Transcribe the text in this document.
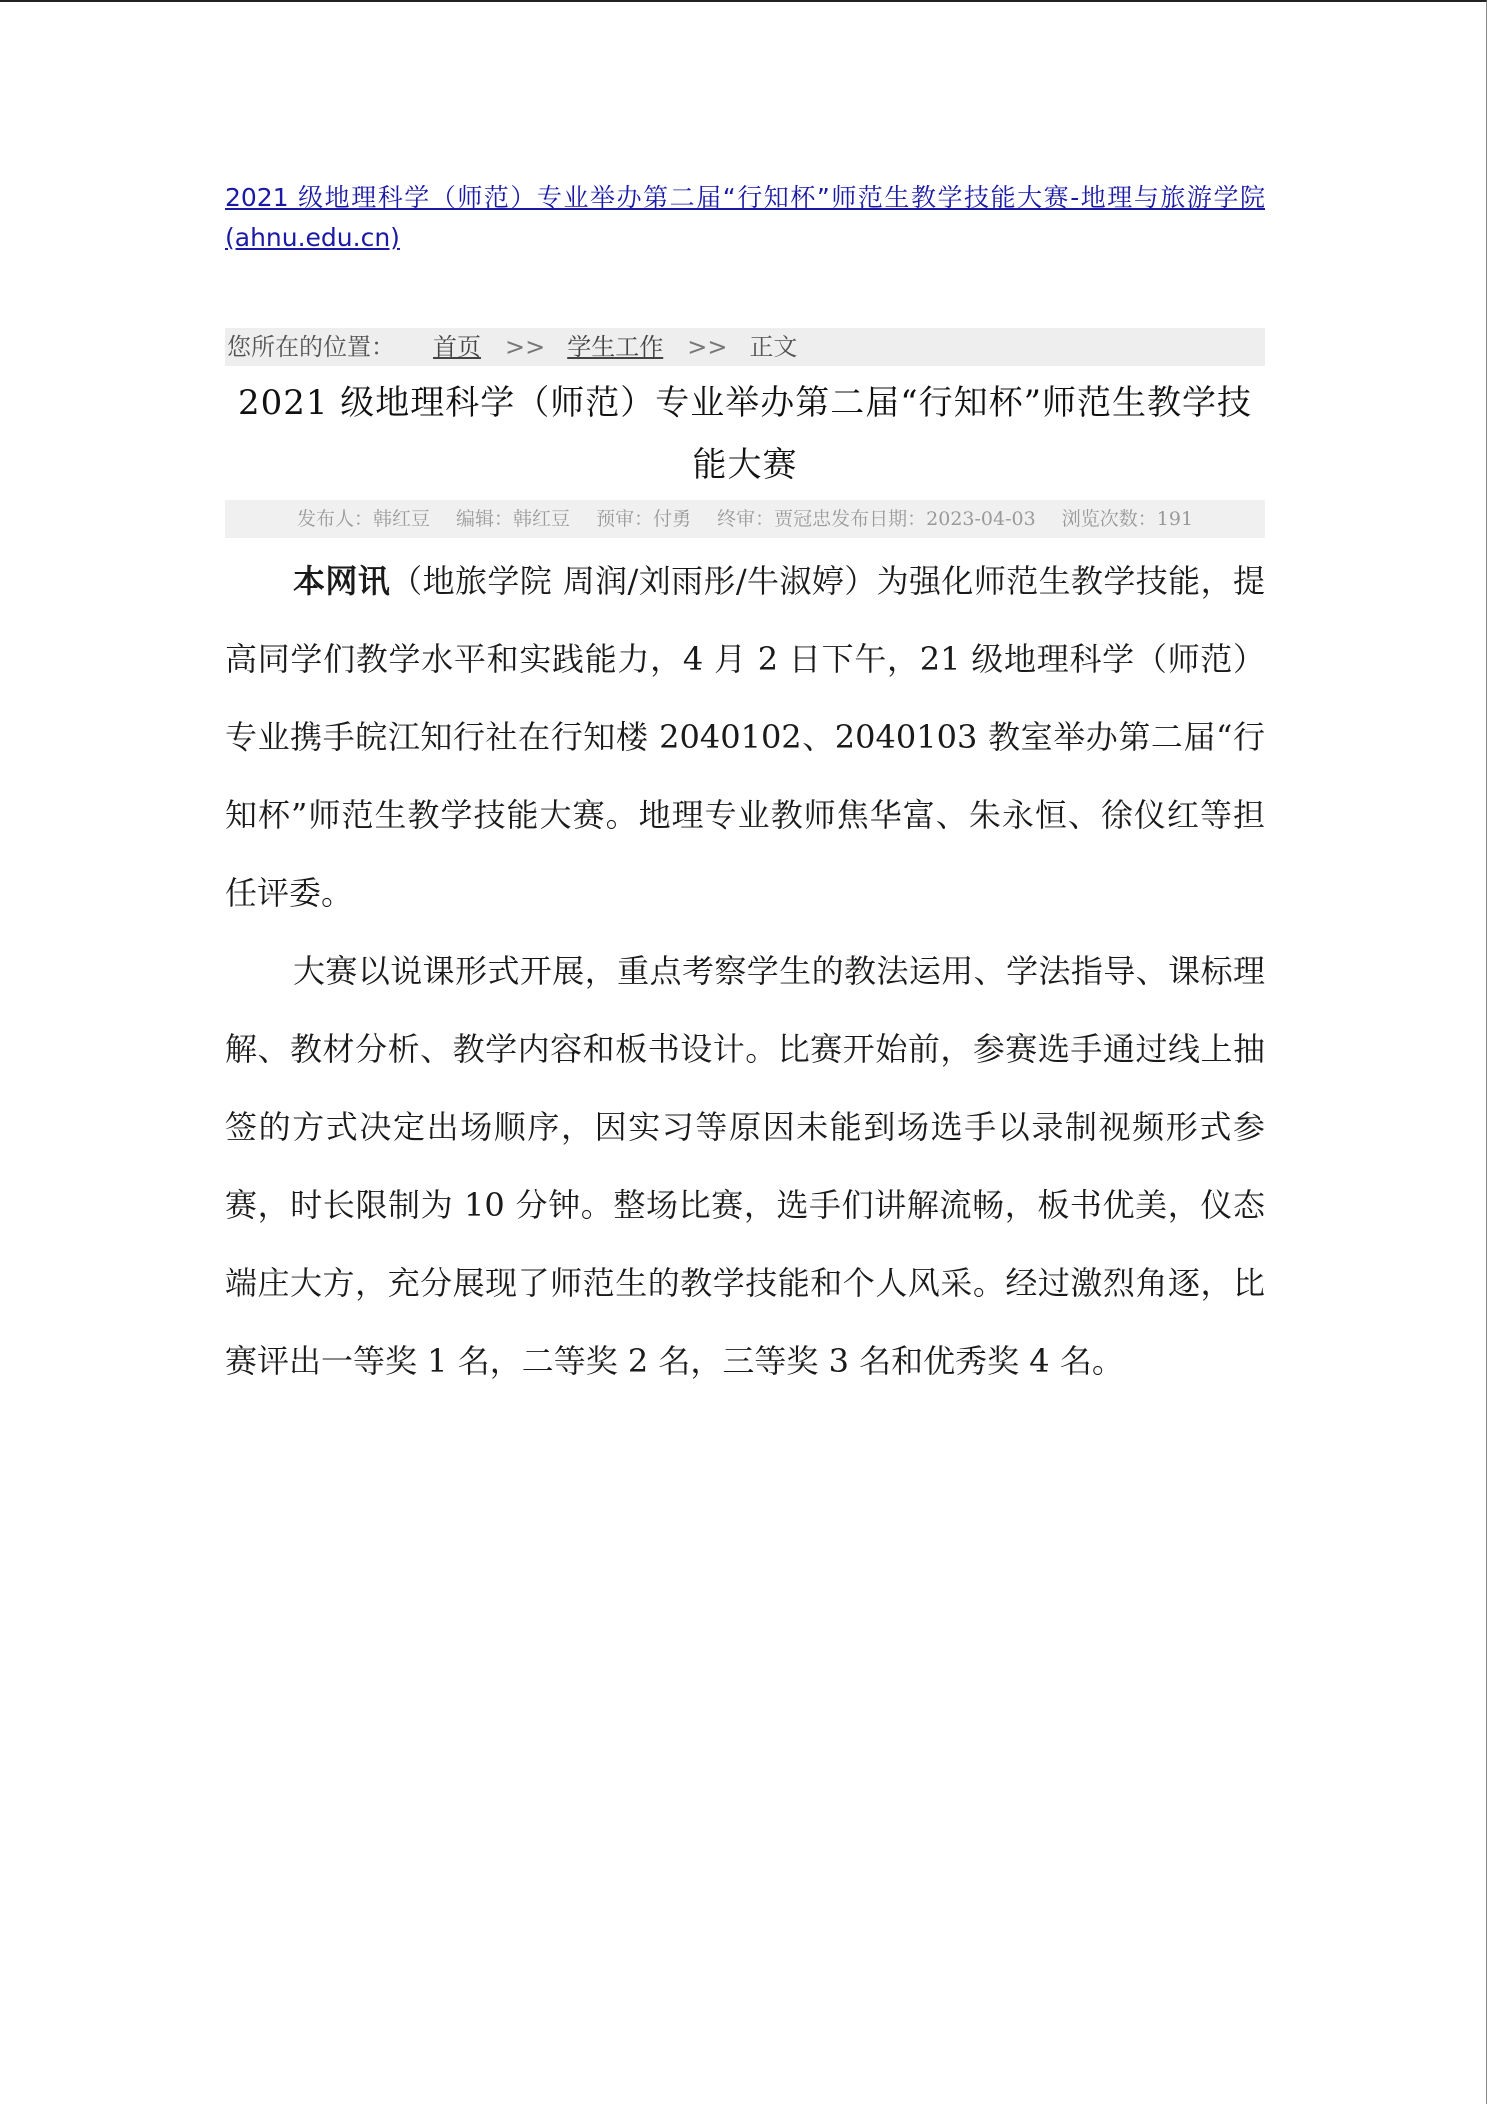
2021 级地理科学（师范）专业举办第二届“行知杯”师范生教学技能大赛-地理与旅游学院
(ahnu.edu.cn)
您所在的位置： 首页 >> 学生工作 >> 正文
2021 级地理科学（师范）专业举办第二届“行知杯”师范生教学技能大赛
发布人：韩红豆 编辑：韩红豆 预审：付勇 终审：贾冠忠发布日期：2023-04-03 浏览次数：191

本网讯（地旅学院 周润/刘雨彤/牛淑婷）为强化师范生教学技能，提高同学们教学水平和实践能力，4 月 2 日下午，21 级地理科学（师范）专业携手皖江知行社在行知楼 2040102、2040103 教室举办第二届“行知杯”师范生教学技能大赛。地理专业教师焦华富、朱永恒、徐仪红等担任评委。

大赛以说课形式开展，重点考察学生的教法运用、学法指导、课标理解、教材分析、教学内容和板书设计。比赛开始前，参赛选手通过线上抽签的方式决定出场顺序，因实习等原因未能到场选手以录制视频形式参赛，时长限制为 10 分钟。整场比赛，选手们讲解流畅，板书优美，仪态端庄大方，充分展现了师范生的教学技能和个人风采。经过激烈角逐，比赛评出一等奖 1 名，二等奖 2 名，三等奖 3 名和优秀奖 4 名。
